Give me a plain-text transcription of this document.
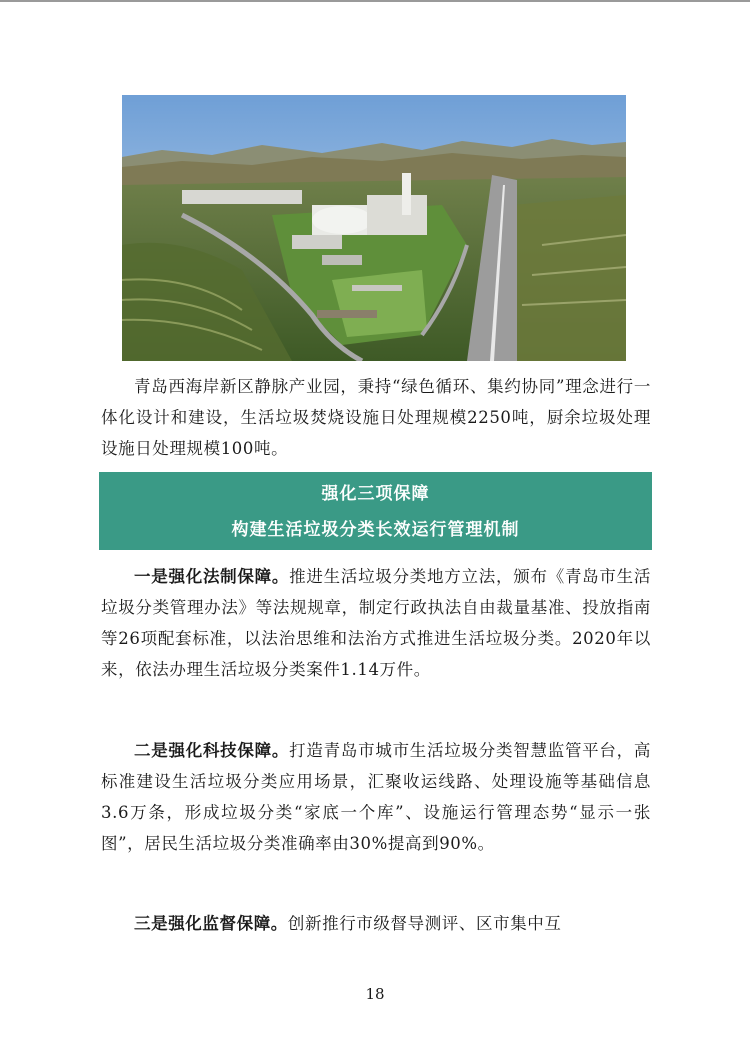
青岛西海岸新区静脉产业园，秉持“绿色循环、集约协同”理念进行一体化设计和建设，生活垃圾焚烧设施日处理规模2250吨，厨余垃圾处理设施日处理规模100吨。

强化三项保障
构建生活垃圾分类长效运行管理机制

一是强化法制保障。推进生活垃圾分类地方立法，颁布《青岛市生活垃圾分类管理办法》等法规规章，制定行政执法自由裁量基准、投放指南等26项配套标准，以法治思维和法治方式推进生活垃圾分类。2020年以来，依法办理生活垃圾分类案件1.14万件。

二是强化科技保障。打造青岛市城市生活垃圾分类智慧监管平台，高标准建设生活垃圾分类应用场景，汇聚收运线路、处理设施等基础信息3.6万条，形成垃圾分类“家底一个库”、设施运行管理态势“显示一张图”，居民生活垃圾分类准确率由30%提高到90%。

三是强化监督保障。创新推行市级督导测评、区市集中互

18
